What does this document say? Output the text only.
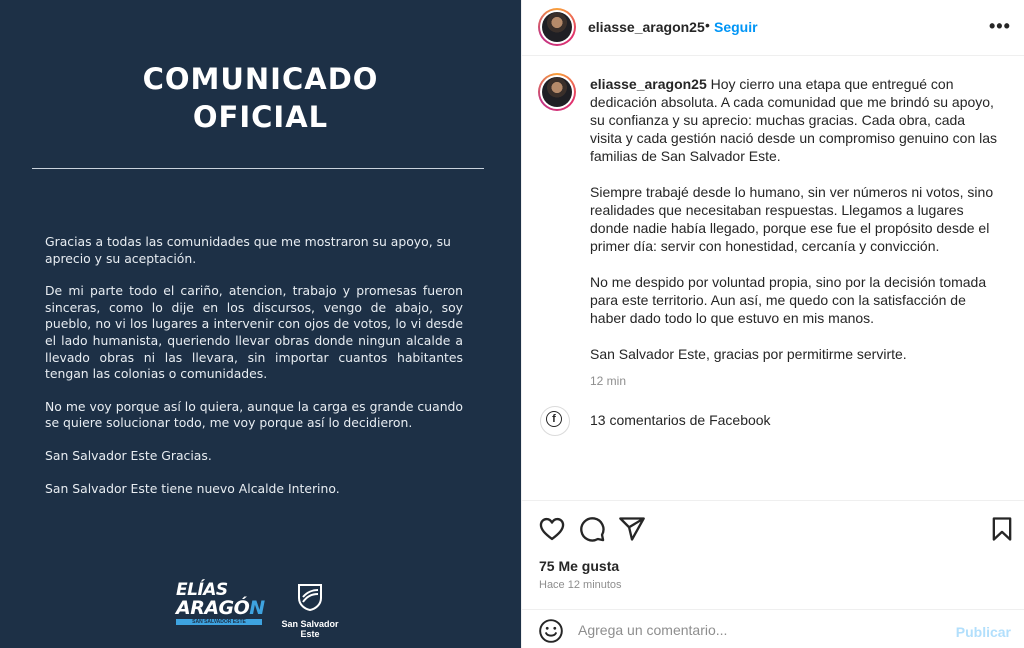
COMUNICADO
OFICIAL

Gracias a todas las comunidades que me mostraron su apoyo, su aprecio y su aceptación.

De mi parte todo el cariño, atencion, trabajo y promesas fueron sinceras, como lo dije en los discursos, vengo de abajo, soy pueblo, no vi los lugares a intervenir con ojos de votos, lo vi desde el lado humanista, queriendo llevar obras donde ningun alcalde a llevado obras ni las llevara, sin importar cuantos habitantes tengan las colonias o comunidades.

No me voy porque así lo quiera, aunque la carga es grande cuando se quiere solucionar todo, me voy porque así lo decidieron.

San Salvador Este Gracias.

San Salvador Este tiene nuevo Alcalde Interino.

ELÍAS
ARAGÓN
SAN SALVADOR ESTE	San Salvador
Este
eliasse_aragon25 • Seguir	•••

eliasse_aragon25 Hoy cierro una etapa que entregué con dedicación absoluta. A cada comunidad que me brindó su apoyo, su confianza y su aprecio: muchas gracias. Cada obra, cada visita y cada gestión nació desde un compromiso genuino con las familias de San Salvador Este.

Siempre trabajé desde lo humano, sin ver números ni votos, sino realidades que necesitaban respuestas. Llegamos a lugares donde nadie había llegado, porque ese fue el propósito desde el primer día: servir con honestidad, cercanía y convicción.

No me despido por voluntad propia, sino por la decisión tomada para este territorio. Aun así, me quedo con la satisfacción de haber dado todo lo que estuvo en mis manos.

San Salvador Este, gracias por permitirme servirte.

12 min
f	13 comentarios de Facebook
75 Me gusta
Hace 12 minutos
Agrega un comentario...
Publicar
